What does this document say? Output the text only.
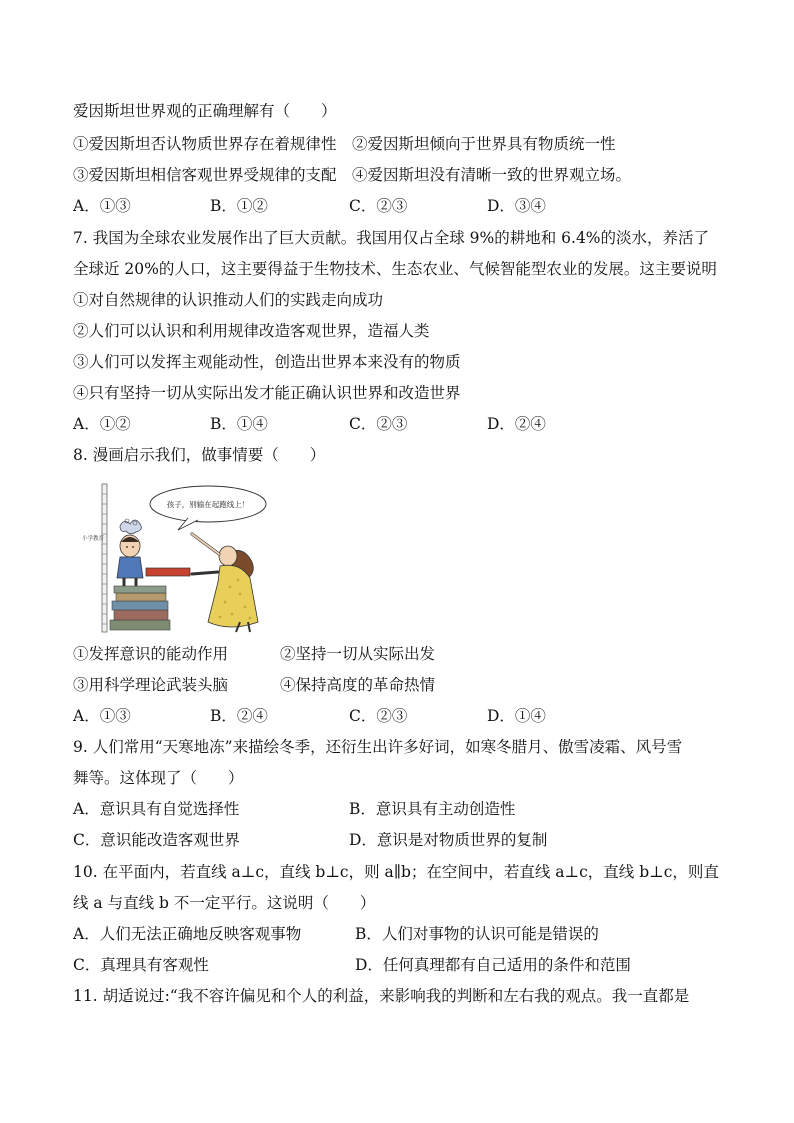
爱因斯坦世界观的正确理解有（　　）
①爱因斯坦否认物质世界存在着规律性　②爱因斯坦倾向于世界具有物质统一性
③爱因斯坦相信客观世界受规律的支配　④爱因斯坦没有清晰一致的世界观立场。
A．①③	B．①②	C．②③	D．③④
7. 我国为全球农业发展作出了巨大贡献。我国用仅占全球 9%的耕地和 6.4%的淡水，养活了
全球近 20%的人口，这主要得益于生物技术、生态农业、气候智能型农业的发展。这主要说明
①对自然规律的认识推动人们的实践走向成功
②人们可以认识和利用规律改造客观世界，造福人类
③人们可以发挥主观能动性，创造出世界本来没有的物质
④只有坚持一切从实际出发才能正确认识世界和改造世界
A．①②	B．①④	C．②③	D．②④
8. 漫画启示我们，做事情要（　　）
小学教育
孩子，别输在起跑线上！
①发挥意识的能动作用	②坚持一切从实际出发
③用科学理论武装头脑	④保持高度的革命热情
A．①③	B．②④	C．②③	D．①④
9. 人们常用“天寒地冻”来描绘冬季，还衍生出许多好词，如寒冬腊月、傲雪凌霜、风号雪
舞等。这体现了（　　）
A．意识具有自觉选择性	B．意识具有主动创造性
C．意识能改造客观世界	D．意识是对物质世界的复制
10. 在平面内，若直线 a⊥c，直线 b⊥c，则 a∥b；在空间中，若直线 a⊥c，直线 b⊥c，则直
线 a 与直线 b 不一定平行。这说明（　　）
A．人们无法正确地反映客观事物	B．人们对事物的认识可能是错误的
C．真理具有客观性	D．任何真理都有自己适用的条件和范围
11. 胡适说过:“我不容许偏见和个人的利益，来影响我的判断和左右我的观点。我一直都是
